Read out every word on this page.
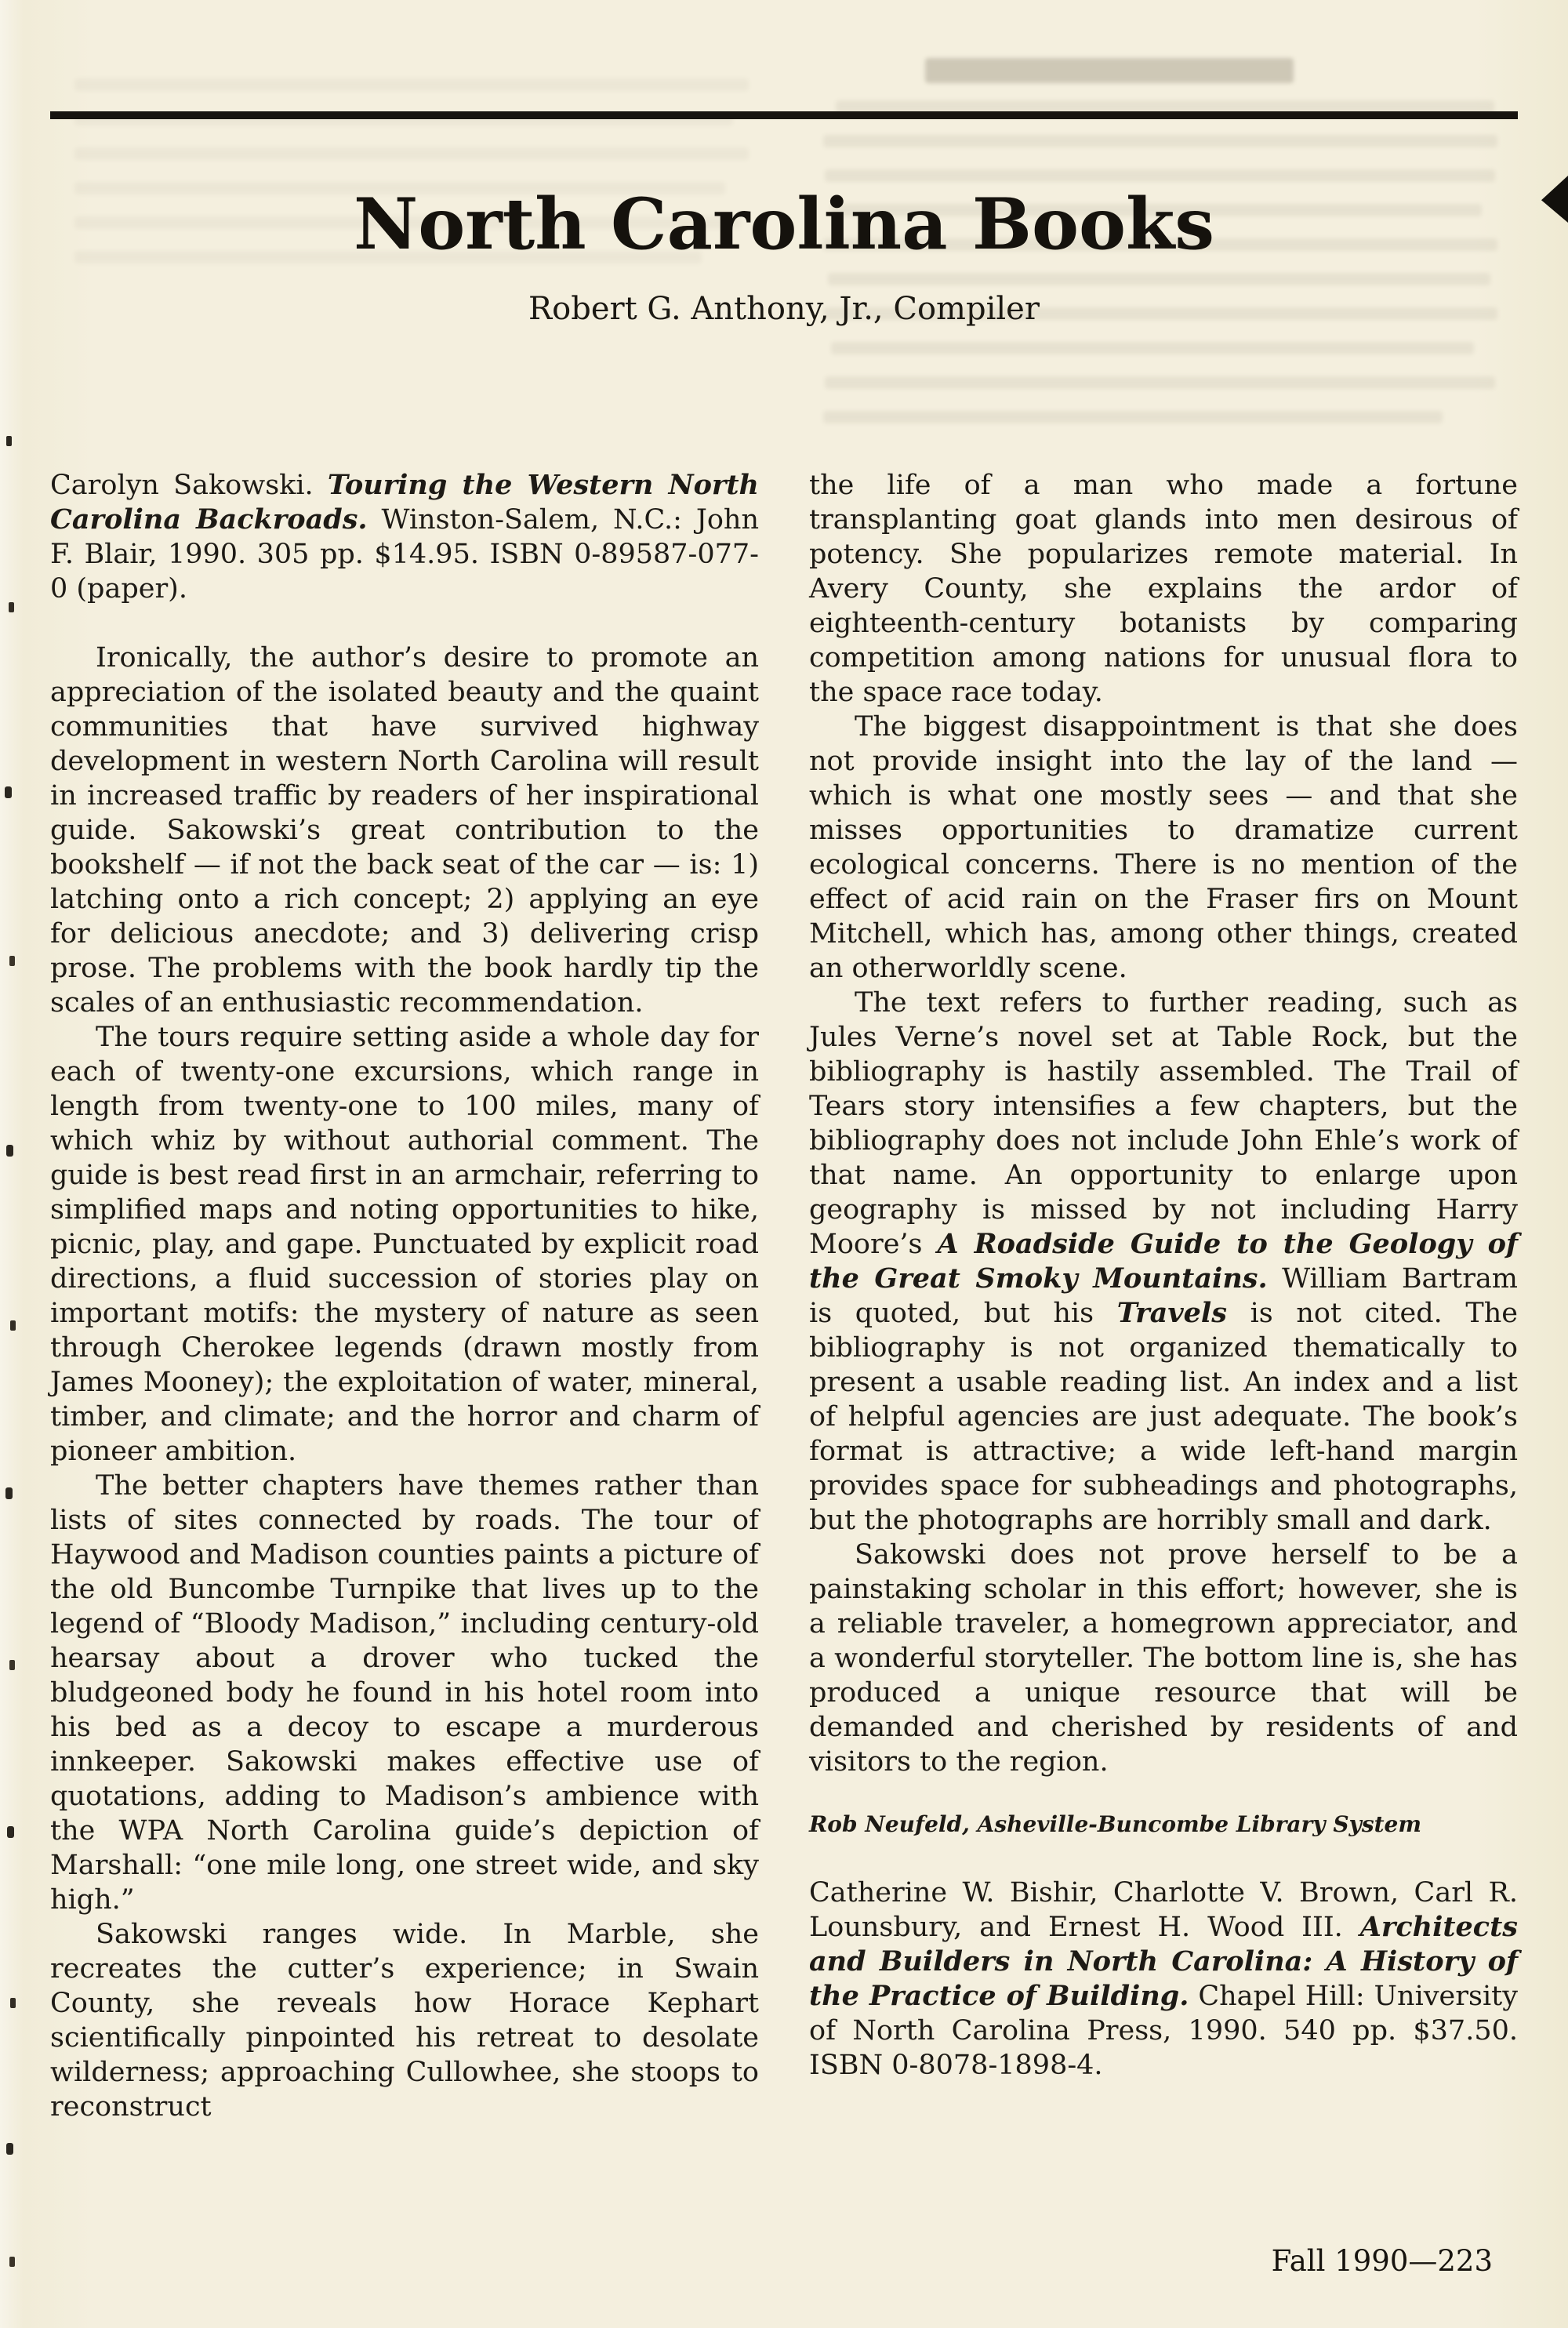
North Carolina Books
Robert G. Anthony, Jr., Compiler

Carolyn Sakowski. Touring the Western North Carolina Backroads. Winston-Salem, N.C.: John F. Blair, 1990. 305 pp. $14.95. ISBN 0-89587-077-0 (paper).

Ironically, the author’s desire to promote an appreciation of the isolated beauty and the quaint communities that have survived highway development in western North Carolina will result in increased traffic by readers of her inspirational guide. Sakowski’s great contribution to the bookshelf — if not the back seat of the car — is: 1) latching onto a rich concept; 2) applying an eye for delicious anecdote; and 3) delivering crisp prose. The problems with the book hardly tip the scales of an enthusiastic recommendation.

The tours require setting aside a whole day for each of twenty-one excursions, which range in length from twenty-one to 100 miles, many of which whiz by without authorial comment. The guide is best read first in an armchair, referring to simplified maps and noting opportunities to hike, picnic, play, and gape. Punctuated by explicit road directions, a fluid succession of stories play on important motifs: the mystery of nature as seen through Cherokee legends (drawn mostly from James Mooney); the exploitation of water, mineral, timber, and climate; and the horror and charm of pioneer ambition.

The better chapters have themes rather than lists of sites connected by roads. The tour of Haywood and Madison counties paints a picture of the old Buncombe Turnpike that lives up to the legend of “Bloody Madison,” including century-old hearsay about a drover who tucked the bludgeoned body he found in his hotel room into his bed as a decoy to escape a murderous innkeeper. Sakowski makes effective use of quotations, adding to Madison’s ambience with the WPA North Carolina guide’s depiction of Marshall: “one mile long, one street wide, and sky high.”

Sakowski ranges wide. In Marble, she recreates the cutter’s experience; in Swain County, she reveals how Horace Kephart scientifically pinpointed his retreat to desolate wilderness; approaching Cullowhee, she stoops to reconstruct

the life of a man who made a fortune transplanting goat glands into men desirous of potency. She popularizes remote material. In Avery County, she explains the ardor of eighteenth-century botanists by comparing competition among nations for unusual flora to the space race today.

The biggest disappointment is that she does not provide insight into the lay of the land — which is what one mostly sees — and that she misses opportunities to dramatize current ecological concerns. There is no mention of the effect of acid rain on the Fraser firs on Mount Mitchell, which has, among other things, created an otherworldly scene.

The text refers to further reading, such as Jules Verne’s novel set at Table Rock, but the bibliography is hastily assembled. The Trail of Tears story intensifies a few chapters, but the bibliography does not include John Ehle’s work of that name. An opportunity to enlarge upon geography is missed by not including Harry Moore’s A Roadside Guide to the Geology of the Great Smoky Mountains. William Bartram is quoted, but his Travels is not cited. The bibliography is not organized thematically to present a usable reading list. An index and a list of helpful agencies are just adequate. The book’s format is attractive; a wide left-hand margin provides space for subheadings and photographs, but the photographs are horribly small and dark.

Sakowski does not prove herself to be a painstaking scholar in this effort; however, she is a reliable traveler, a homegrown appreciator, and a wonderful storyteller. The bottom line is, she has produced a unique resource that will be demanded and cherished by residents of and visitors to the region.

Rob Neufeld, Asheville-Buncombe Library System

Catherine W. Bishir, Charlotte V. Brown, Carl R. Lounsbury, and Ernest H. Wood III. Architects and Builders in North Carolina: A History of the Practice of Building. Chapel Hill: University of North Carolina Press, 1990. 540 pp. $37.50. ISBN 0-8078-1898-4.

Fall 1990—223
